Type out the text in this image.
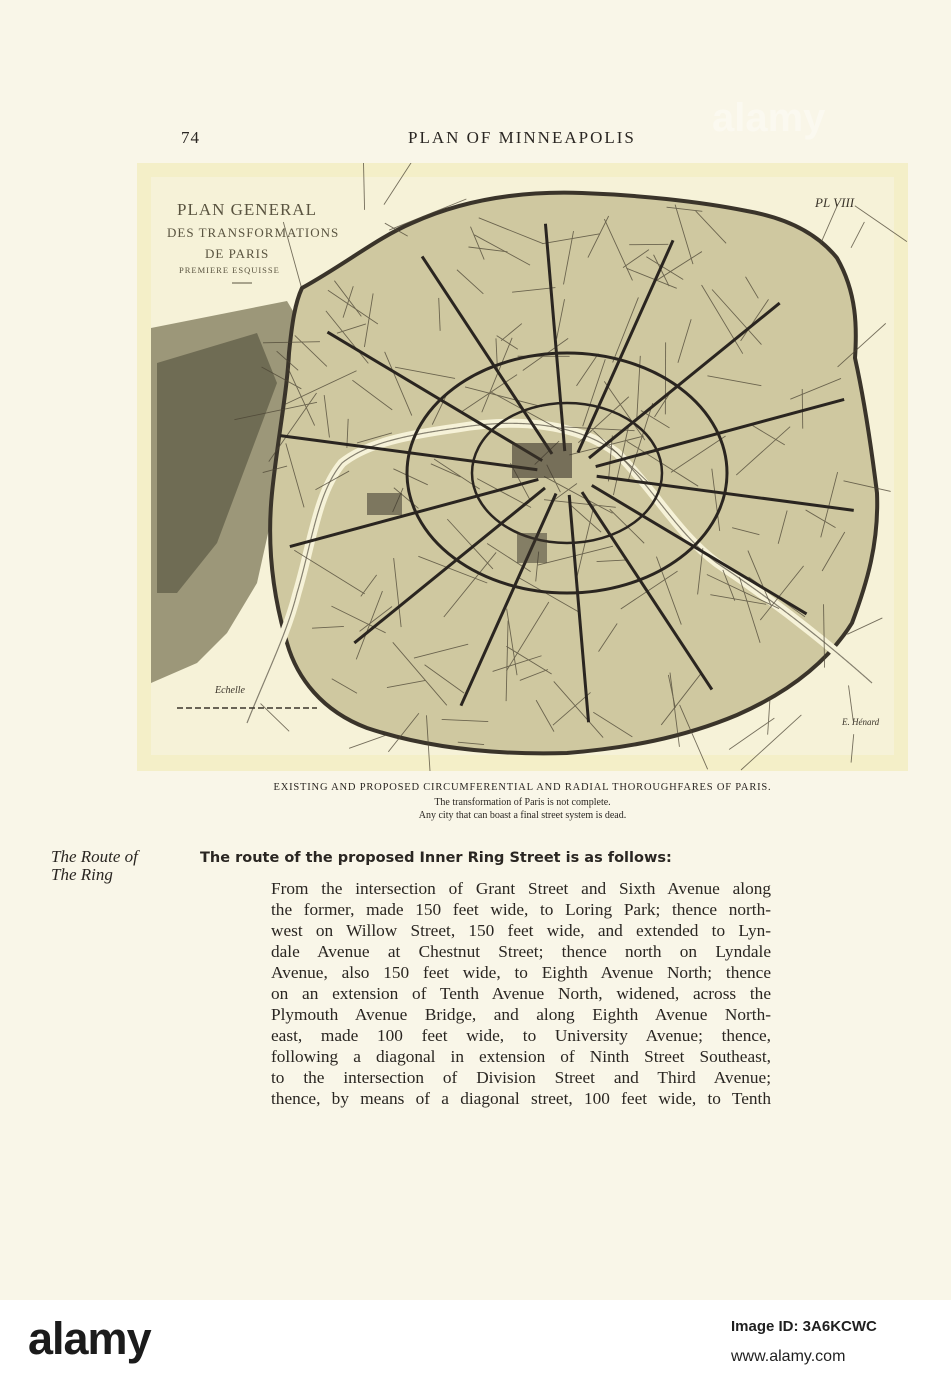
74	PLAN OF MINNEAPOLIS
PLAN GENERAL
DES TRANSFORMATIONS
DE PARIS
PREMIERE ESQUISSE
PL VIII
Echelle
E. Hénard
EXISTING AND PROPOSED CIRCUMFERENTIAL AND RADIAL THOROUGHFARES OF PARIS.
The transformation of Paris is not complete.
Any city that can boast a final street system is dead.
The Route of
The Ring
The route of the proposed Inner Ring Street is as follows:
From the intersection of Grant Street and Sixth Avenue along
the former, made 150 feet wide, to Loring Park; thence north-
west on Willow Street, 150 feet wide, and extended to Lyn-
dale Avenue at Chestnut Street; thence north on Lyndale
Avenue, also 150 feet wide, to Eighth Avenue North; thence
on an extension of Tenth Avenue North, widened, across the
Plymouth Avenue Bridge, and along Eighth Avenue North-
east, made 100 feet wide, to University Avenue; thence,
following a diagonal in extension of Ninth Street Southeast,
to the intersection of Division Street and Third Avenue;
thence, by means of a diagonal street, 100 feet wide, to Tenth
alamy
alamy	Image ID: 3A6KCWC
www.alamy.com
